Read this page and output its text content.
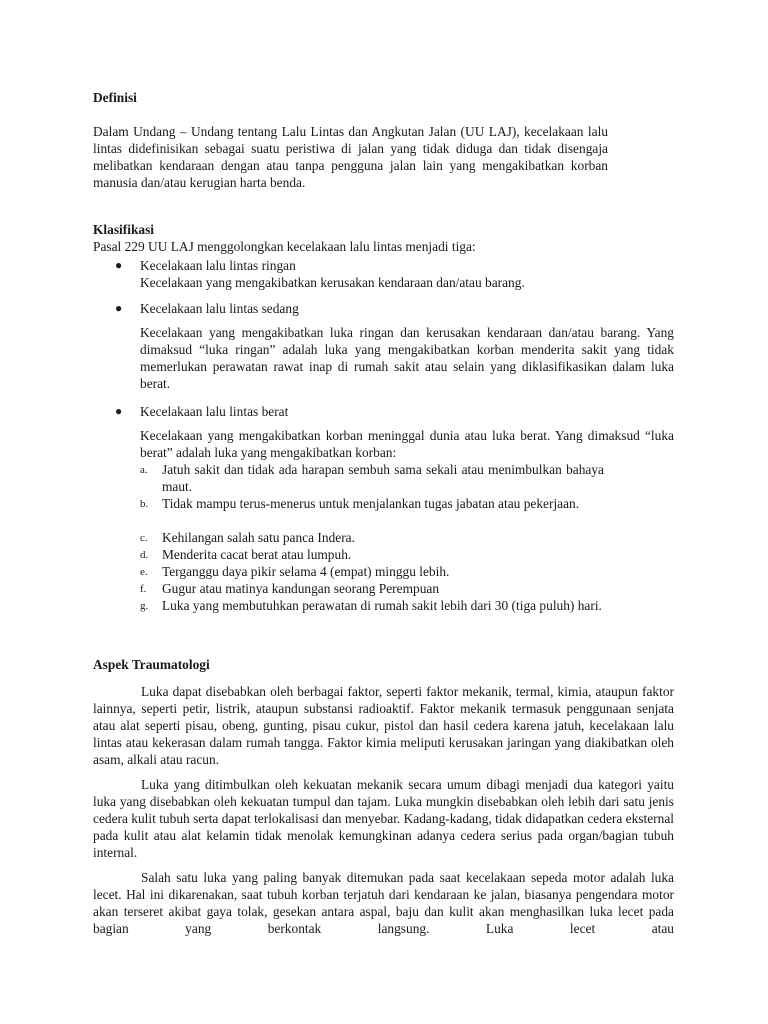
Definisi

Dalam Undang – Undang tentang Lalu Lintas dan Angkutan Jalan (UU LAJ), kecelakaan lalu lintas didefinisikan sebagai suatu peristiwa di jalan yang tidak diduga dan tidak disengaja melibatkan kendaraan dengan atau tanpa pengguna jalan lain yang mengakibatkan korban manusia dan/atau kerugian harta benda.

Klasifikasi
Pasal 229 UU LAJ menggolongkan kecelakaan lalu lintas menjadi tiga:
● Kecelakaan lalu lintas ringan
Kecelakaan yang mengakibatkan kerusakan kendaraan dan/atau barang.
● Kecelakaan lalu lintas sedang

Kecelakaan yang mengakibatkan luka ringan dan kerusakan kendaraan dan/atau barang. Yang dimaksud “luka ringan” adalah luka yang mengakibatkan korban menderita sakit yang tidak memerlukan perawatan rawat inap di rumah sakit atau selain yang diklasifikasikan dalam luka berat.

● Kecelakaan lalu lintas berat

Kecelakaan yang mengakibatkan korban meninggal dunia atau luka berat. Yang dimaksud “luka berat” adalah luka yang mengakibatkan korban:

a. Jatuh sakit dan tidak ada harapan sembuh sama sekali atau menimbulkan bahaya maut.

b. Tidak mampu terus-menerus untuk menjalankan tugas jabatan atau pekerjaan.

c. Kehilangan salah satu panca Indera.
d. Menderita cacat berat atau lumpuh.
e. Terganggu daya pikir selama 4 (empat) minggu lebih.
f. Gugur atau matinya kandungan seorang Perempuan
g. Luka yang membutuhkan perawatan di rumah sakit lebih dari 30 (tiga puluh) hari.
Aspek Traumatologi

Luka dapat disebabkan oleh berbagai faktor, seperti faktor mekanik, termal, kimia, ataupun faktor lainnya, seperti petir, listrik, ataupun substansi radioaktif. Faktor mekanik termasuk penggunaan senjata atau alat seperti pisau, obeng, gunting, pisau cukur, pistol dan hasil cedera karena jatuh, kecelakaan lalu lintas atau kekerasan dalam rumah tangga. Faktor kimia meliputi kerusakan jaringan yang diakibatkan oleh asam, alkali atau racun.

Luka yang ditimbulkan oleh kekuatan mekanik secara umum dibagi menjadi dua kategori yaitu luka yang disebabkan oleh kekuatan tumpul dan tajam. Luka mungkin disebabkan oleh lebih dari satu jenis cedera kulit tubuh serta dapat terlokalisasi dan menyebar. Kadang-kadang, tidak didapatkan cedera eksternal pada kulit atau alat kelamin tidak menolak kemungkinan adanya cedera serius pada organ/bagian tubuh internal.

Salah satu luka yang paling banyak ditemukan pada saat kecelakaan sepeda motor adalah luka lecet. Hal ini dikarenakan, saat tubuh korban terjatuh dari kendaraan ke jalan, biasanya pengendara motor akan terseret akibat gaya tolak, gesekan antara aspal, baju dan kulit akan menghasilkan luka lecet pada bagian yang berkontak langsung. Luka lecet atau
